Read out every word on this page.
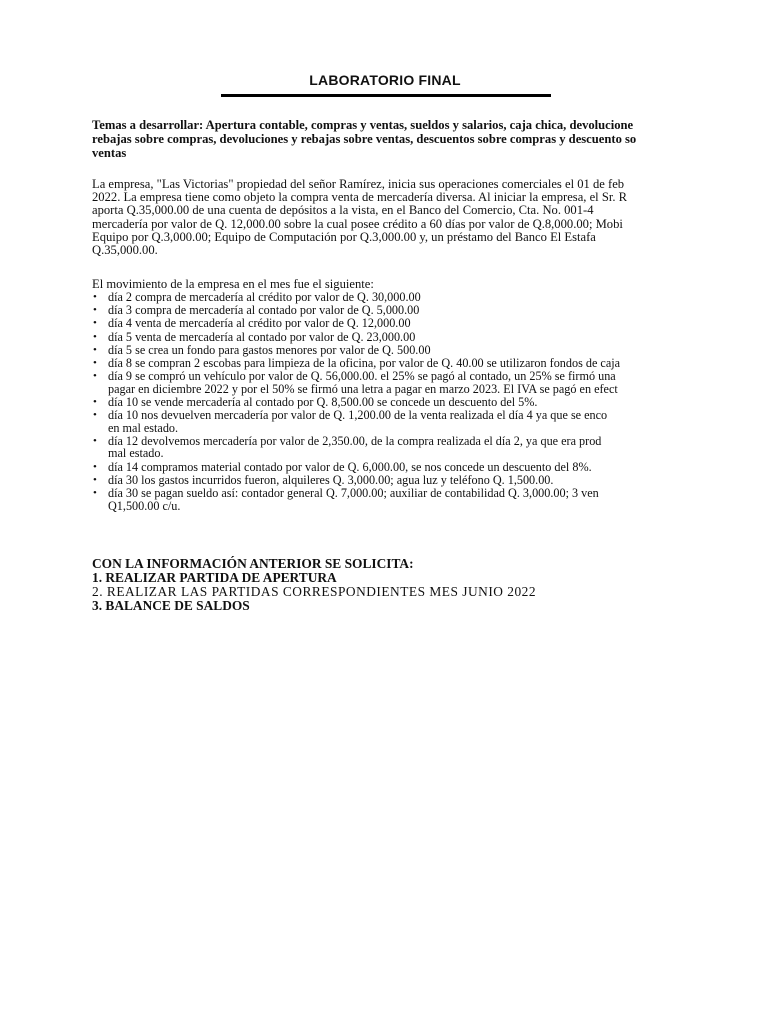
LABORATORIO FINAL
Temas a desarrollar: Apertura contable, compras y ventas, sueldos y salarios, caja chica, devolucione
rebajas sobre compras, devoluciones y rebajas sobre ventas, descuentos sobre compras y descuento so
ventas
La empresa, "Las Victorias" propiedad del señor Ramírez, inicia sus operaciones comerciales el 01 de feb
2022. La empresa tiene como objeto la compra venta de mercadería diversa. Al iniciar la empresa, el Sr. R
aporta Q.35,000.00 de una cuenta de depósitos a la vista, en el Banco del Comercio, Cta. No. 001-4
mercadería por valor de Q. 12,000.00 sobre la cual posee crédito a 60 días por valor de Q.8,000.00; Mobi
Equipo por Q.3,000.00; Equipo de Computación por Q.3,000.00 y, un préstamo del Banco El Estafa
Q.35,000.00.
El movimiento de la empresa en el mes fue el siguiente:
• día 2 compra de mercadería al crédito por valor de Q. 30,000.00
• día 3 compra de mercadería al contado por valor de Q. 5,000.00
• día 4 venta de mercadería al crédito por valor de Q. 12,000.00
• día 5 venta de mercadería al contado por valor de Q. 23,000.00
• día 5 se crea un fondo para gastos menores por valor de Q. 500.00
• día 8 se compran 2 escobas para limpieza de la oficina, por valor de Q. 40.00 se utilizaron fondos de caja
• día 9 se compró un vehículo por valor de Q. 56,000.00. el 25% se pagó al contado, un 25% se firmó una
pagar en diciembre 2022 y por el 50% se firmó una letra a pagar en marzo 2023. El IVA se pagó en efect
• día 10 se vende mercadería al contado por Q. 8,500.00 se concede un descuento del 5%.
• día 10 nos devuelven mercadería por valor de Q. 1,200.00 de la venta realizada el día 4 ya que se enco
en mal estado.
• día 12 devolvemos mercadería por valor de 2,350.00, de la compra realizada el día 2, ya que era prod
mal estado.
• día 14 compramos material contado por valor de Q. 6,000.00, se nos concede un descuento del 8%.
• día 30 los gastos incurridos fueron, alquileres Q. 3,000.00; agua luz y teléfono Q. 1,500.00.
• día 30 se pagan sueldo así: contador general Q. 7,000.00; auxiliar de contabilidad Q. 3,000.00; 3 ven
Q1,500.00 c/u.
CON LA INFORMACIÓN ANTERIOR SE SOLICITA:
1. REALIZAR PARTIDA DE APERTURA
2. REALIZAR LAS PARTIDAS CORRESPONDIENTES MES JUNIO 2022
3. BALANCE DE SALDOS
